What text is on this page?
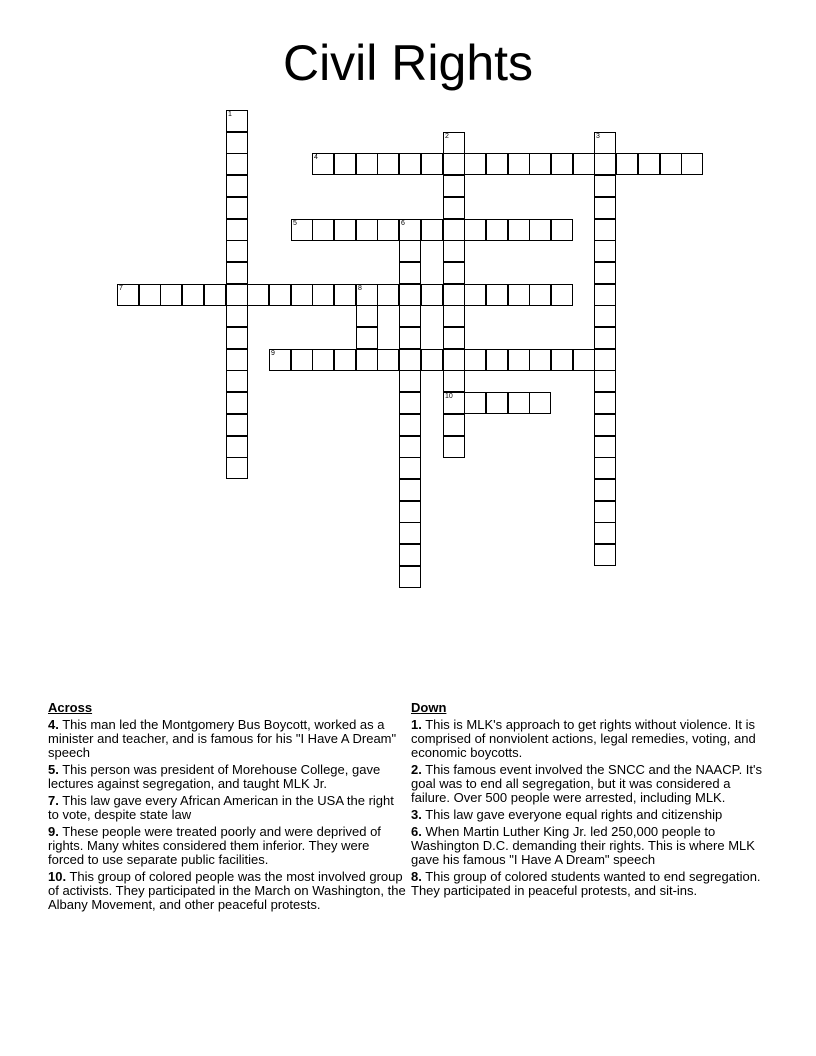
Civil Rights
4
5	6
7	8
9
10
1
2	3
Across
4. This man led the Montgomery Bus Boycott, worked as a minister and teacher, and is famous for his "I Have A Dream" speech
5. This person was president of Morehouse College, gave lectures against segregation, and taught MLK Jr.
7. This law gave every African American in the USA the right to vote, despite state law
9. These people were treated poorly and were deprived of rights. Many whites considered them inferior. They were forced to use separate public facilities.
10. This group of colored people was the most involved group of activists. They participated in the March on Washington, the Albany Movement, and other peaceful protests.
Down
1. This is MLK's approach to get rights without violence. It is comprised of nonviolent actions, legal remedies, voting, and economic boycotts.
2. This famous event involved the SNCC and the NAACP. It's goal was to end all segregation, but it was considered a failure. Over 500 people were arrested, including MLK.
3. This law gave everyone equal rights and citizenship
6. When Martin Luther King Jr. led 250,000 people to Washington D.C. demanding their rights. This is where MLK gave his famous "I Have A Dream" speech
8. This group of colored students wanted to end segregation. They participated in peaceful protests, and sit-ins.
